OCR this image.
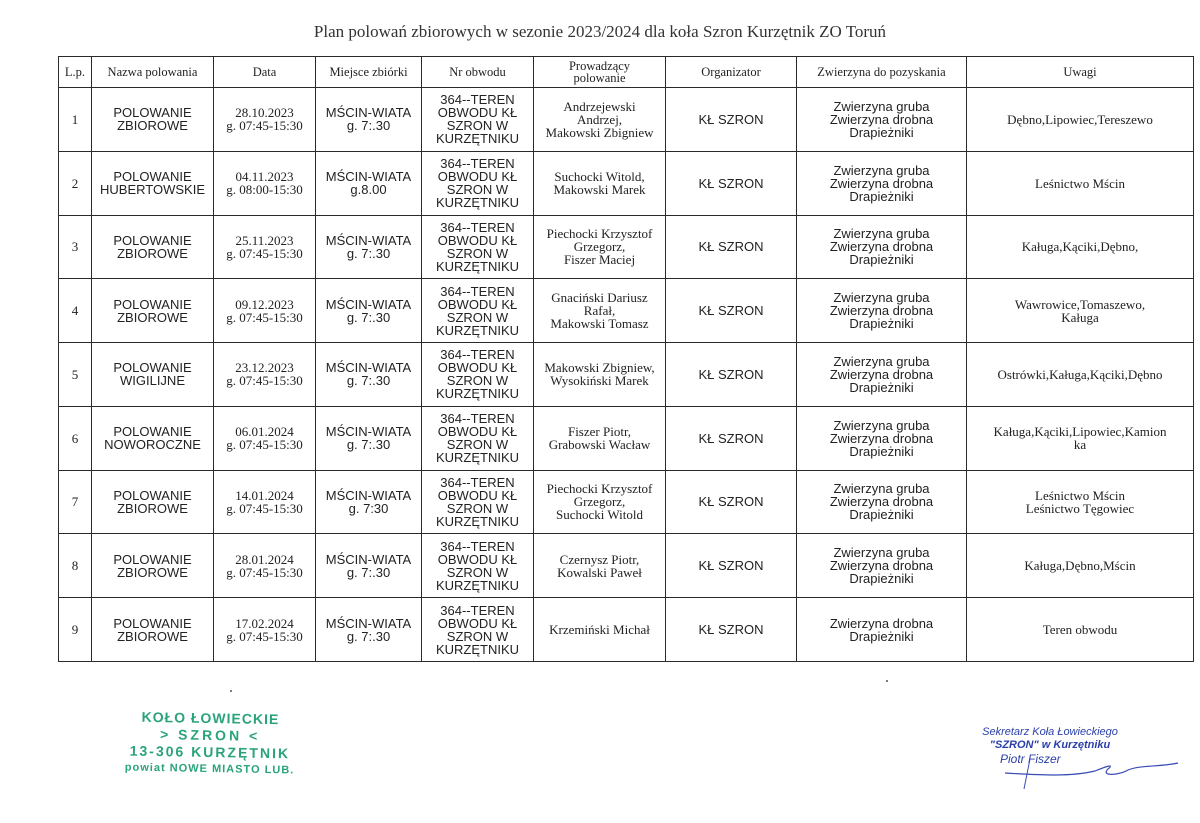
Plan polowań zbiorowych w sezonie 2023/2024 dla koła Szron Kurzętnik ZO Toruń
L.p.	Nazwa polowania	Data	Miejsce zbiórki	Nr obwodu	Prowadzący
polowanie	Organizator	Zwierzyna do pozyskania	Uwagi
1	POLOWANIE
ZBIOROWE	28.10.2023
g. 07:45-15:30	MŚCIN-WIATA
g. 7:.30	364--TEREN
OBWODU KŁ
SZRON W
KURZĘTNIKU	Andrzejewski
Andrzej,
Makowski Zbigniew	KŁ SZRON	Zwierzyna gruba
Zwierzyna drobna
Drapieżniki	Dębno,Lipowiec,Tereszewo

2	POLOWANIE
HUBERTOWSKIE	04.11.2023
g. 08:00-15:30	MŚCIN-WIATA
g.8.00	364--TEREN
OBWODU KŁ
SZRON W
KURZĘTNIKU	Suchocki Witold,
Makowski Marek	KŁ SZRON	Zwierzyna gruba
Zwierzyna drobna
Drapieżniki	Leśnictwo Mścin

3	POLOWANIE
ZBIOROWE	25.11.2023
g. 07:45-15:30	MŚCIN-WIATA
g. 7:.30	364--TEREN
OBWODU KŁ
SZRON W
KURZĘTNIKU	Piechocki Krzysztof
Grzegorz,
Fiszer Maciej	KŁ SZRON	Zwierzyna gruba
Zwierzyna drobna
Drapieżniki	Kaługa,Kąciki,Dębno,

4	POLOWANIE
ZBIOROWE	09.12.2023
g. 07:45-15:30	MŚCIN-WIATA
g. 7:.30	364--TEREN
OBWODU KŁ
SZRON W
KURZĘTNIKU	Gnaciński Dariusz
Rafał,
Makowski Tomasz	KŁ SZRON	Zwierzyna gruba
Zwierzyna drobna
Drapieżniki	Wawrowice,Tomaszewo,
Kaługa

5	POLOWANIE
WIGILIJNE	23.12.2023
g. 07:45-15:30	MŚCIN-WIATA
g. 7:.30	364--TEREN
OBWODU KŁ
SZRON W
KURZĘTNIKU	Makowski Zbigniew,
Wysokiński Marek	KŁ SZRON	Zwierzyna gruba
Zwierzyna drobna
Drapieżniki	Ostrówki,Kaługa,Kąciki,Dębno

6	POLOWANIE
NOWOROCZNE	06.01.2024
g. 07:45-15:30	MŚCIN-WIATA
g. 7:.30	364--TEREN
OBWODU KŁ
SZRON W
KURZĘTNIKU	Fiszer Piotr,
Grabowski Wacław	KŁ SZRON	Zwierzyna gruba
Zwierzyna drobna
Drapieżniki	Kaługa,Kąciki,Lipowiec,Kamion
ka

7	POLOWANIE
ZBIOROWE	14.01.2024
g. 07:45-15:30	MŚCIN-WIATA
g. 7:30	364--TEREN
OBWODU KŁ
SZRON W
KURZĘTNIKU	Piechocki Krzysztof
Grzegorz,
Suchocki Witold	KŁ SZRON	Zwierzyna gruba
Zwierzyna drobna
Drapieżniki	Leśnictwo Mścin
Leśnictwo Tęgowiec

8	POLOWANIE
ZBIOROWE	28.01.2024
g. 07:45-15:30	MŚCIN-WIATA
g. 7:.30	364--TEREN
OBWODU KŁ
SZRON W
KURZĘTNIKU	Czernysz Piotr,
Kowalski Paweł	KŁ SZRON	Zwierzyna gruba
Zwierzyna drobna
Drapieżniki	Kaługa,Dębno,Mścin

9	POLOWANIE
ZBIOROWE	17.02.2024
g. 07:45-15:30	MŚCIN-WIATA
g. 7:.30	364--TEREN
OBWODU KŁ
SZRON W
KURZĘTNIKU	Krzemiński Michał	KŁ SZRON	Zwierzyna drobna
Drapieżniki	Teren obwodu
KOŁO ŁOWIECKIE
> SZRON <
13-306 KURZĘTNIK
powiat NOWE MIASTO LUB.
Sekretarz Koła Łowieckiego
"SZRON" w Kurzętniku
Piotr Fiszer
